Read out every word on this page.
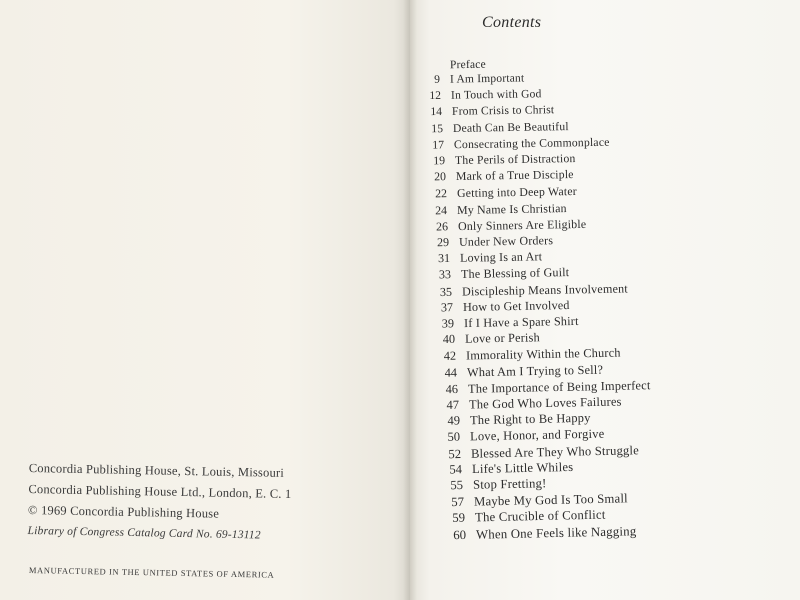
Concordia Publishing House, St. Louis, Missouri
Concordia Publishing House Ltd., London, E. C. 1
© 1969 Concordia Publishing House
Library of Congress Catalog Card No. 69-13112
MANUFACTURED IN THE UNITED STATES OF AMERICA
Contents
Preface
9 I Am Important
12 In Touch with God
14 From Crisis to Christ
15 Death Can Be Beautiful
17 Consecrating the Commonplace
19 The Perils of Distraction
20 Mark of a True Disciple
22 Getting into Deep Water
24 My Name Is Christian
26 Only Sinners Are Eligible
29 Under New Orders
31 Loving Is an Art
33 The Blessing of Guilt
35 Discipleship Means Involvement
37 How to Get Involved
39 If I Have a Spare Shirt
40 Love or Perish
42 Immorality Within the Church
44 What Am I Trying to Sell?
46 The Importance of Being Imperfect
47 The God Who Loves Failures
49 The Right to Be Happy
50 Love, Honor, and Forgive
52 Blessed Are They Who Struggle
54 Life's Little Whiles
55 Stop Fretting!
57 Maybe My God Is Too Small
59 The Crucible of Conflict
60 When One Feels like Nagging
